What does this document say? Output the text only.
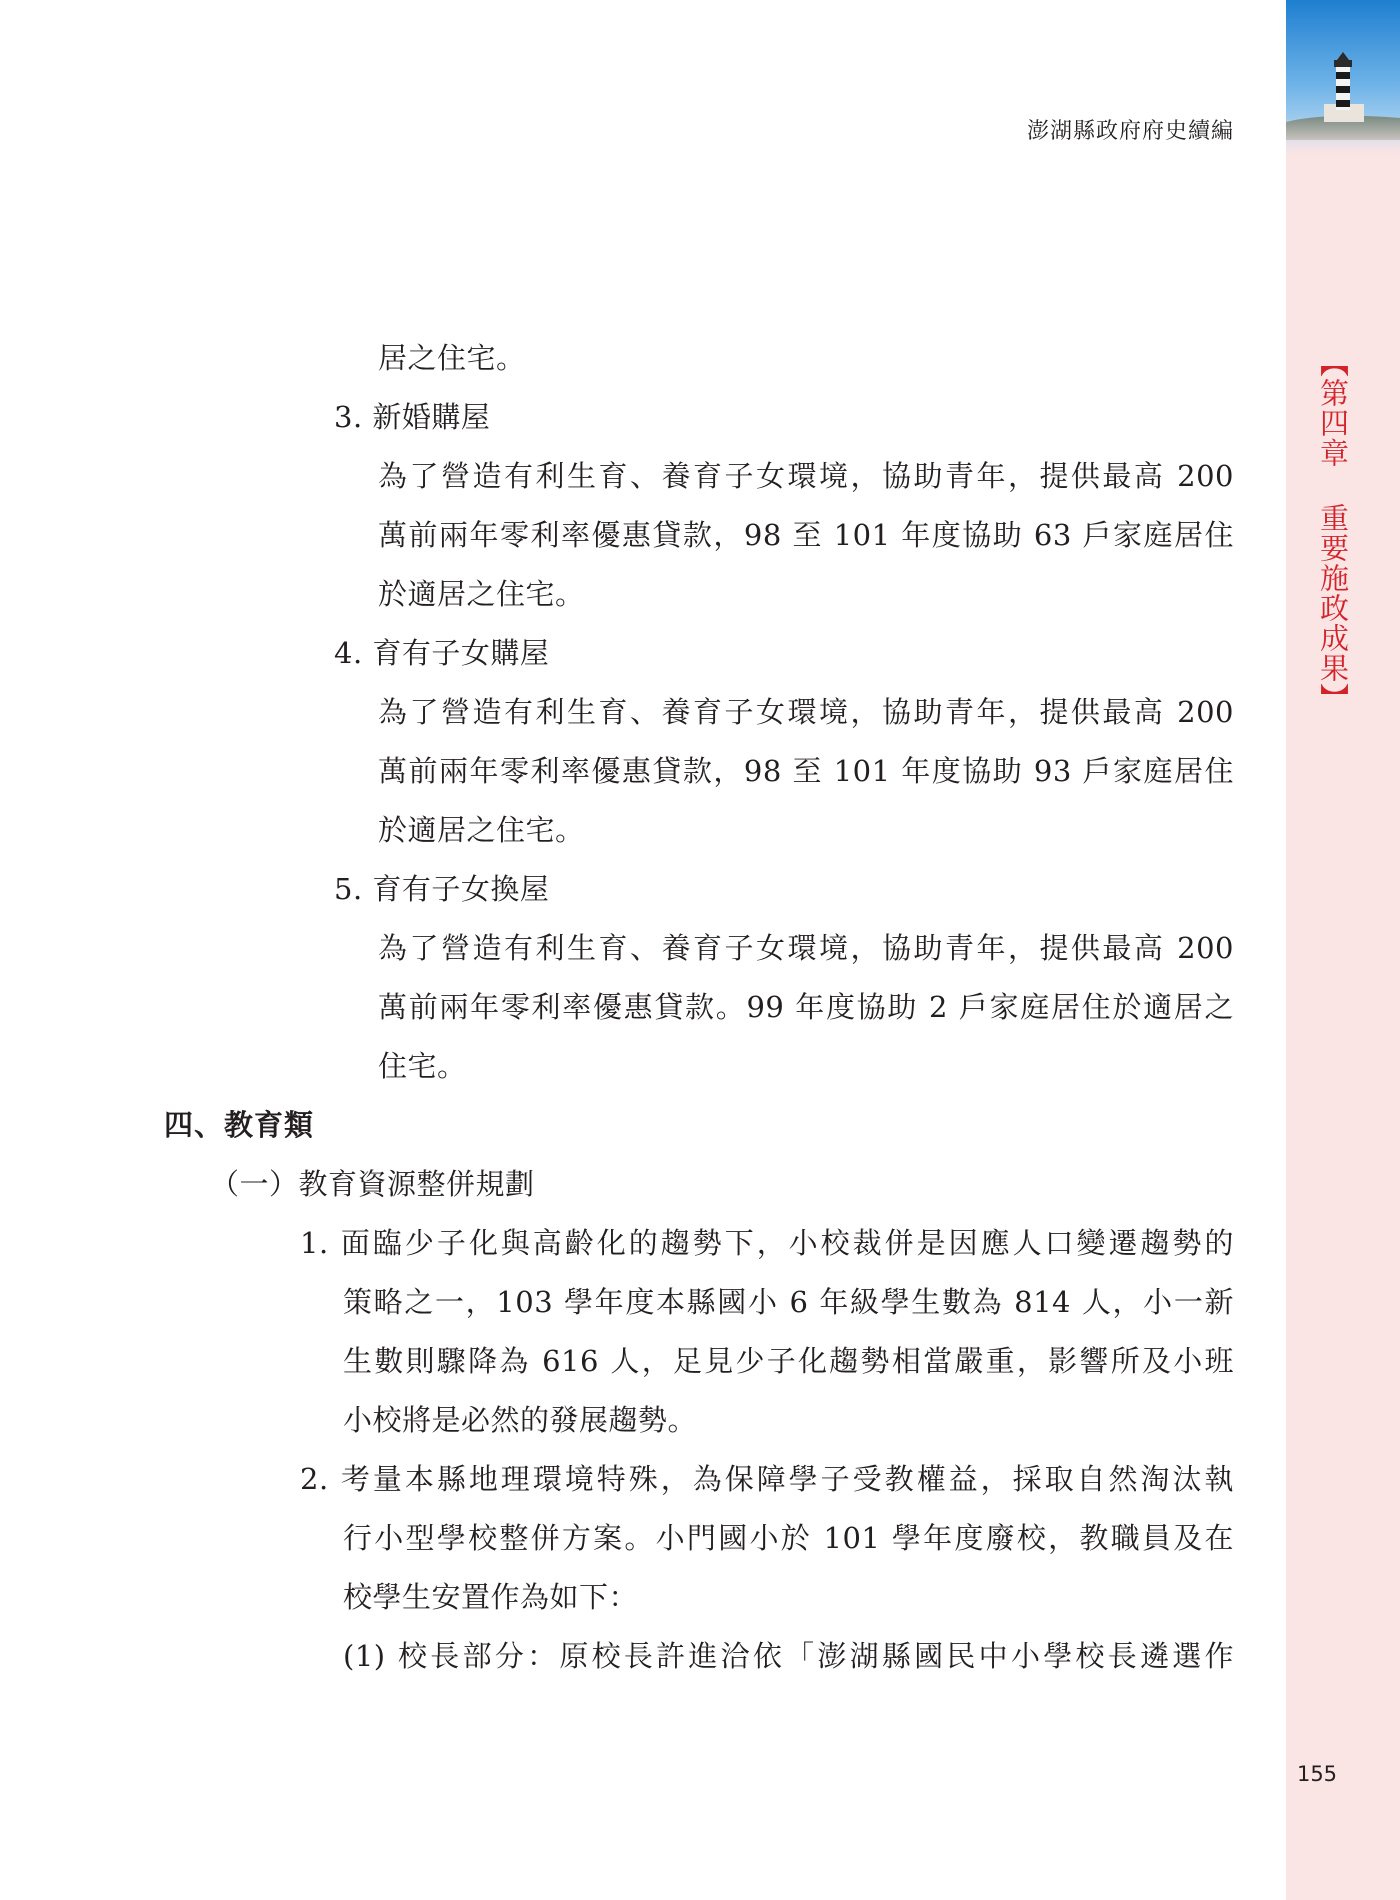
澎湖縣政府府史續編
【第四章 重要施政成果】
155
居之住宅。
3. 新婚購屋
為了營造有利生育、養育子女環境，協助青年，提供最高 200
萬前兩年零利率優惠貸款，98 至 101 年度協助 63 戶家庭居住
於適居之住宅。
4. 育有子女購屋
為了營造有利生育、養育子女環境，協助青年，提供最高 200
萬前兩年零利率優惠貸款，98 至 101 年度協助 93 戶家庭居住
於適居之住宅。
5. 育有子女換屋
為了營造有利生育、養育子女環境，協助青年，提供最高 200
萬前兩年零利率優惠貸款。99 年度協助 2 戶家庭居住於適居之
住宅。
四、教育類
（一）教育資源整併規劃
1. 面臨少子化與高齡化的趨勢下，小校裁併是因應人口變遷趨勢的
策略之一，103 學年度本縣國小 6 年級學生數為 814 人，小一新
生數則驟降為 616 人，足見少子化趨勢相當嚴重，影響所及小班
小校將是必然的發展趨勢。
2. 考量本縣地理環境特殊，為保障學子受教權益，採取自然淘汰執
行小型學校整併方案。小門國小於 101 學年度廢校，教職員及在
校學生安置作為如下：
(1) 校長部分：原校長許進洽依「澎湖縣國民中小學校長遴選作
